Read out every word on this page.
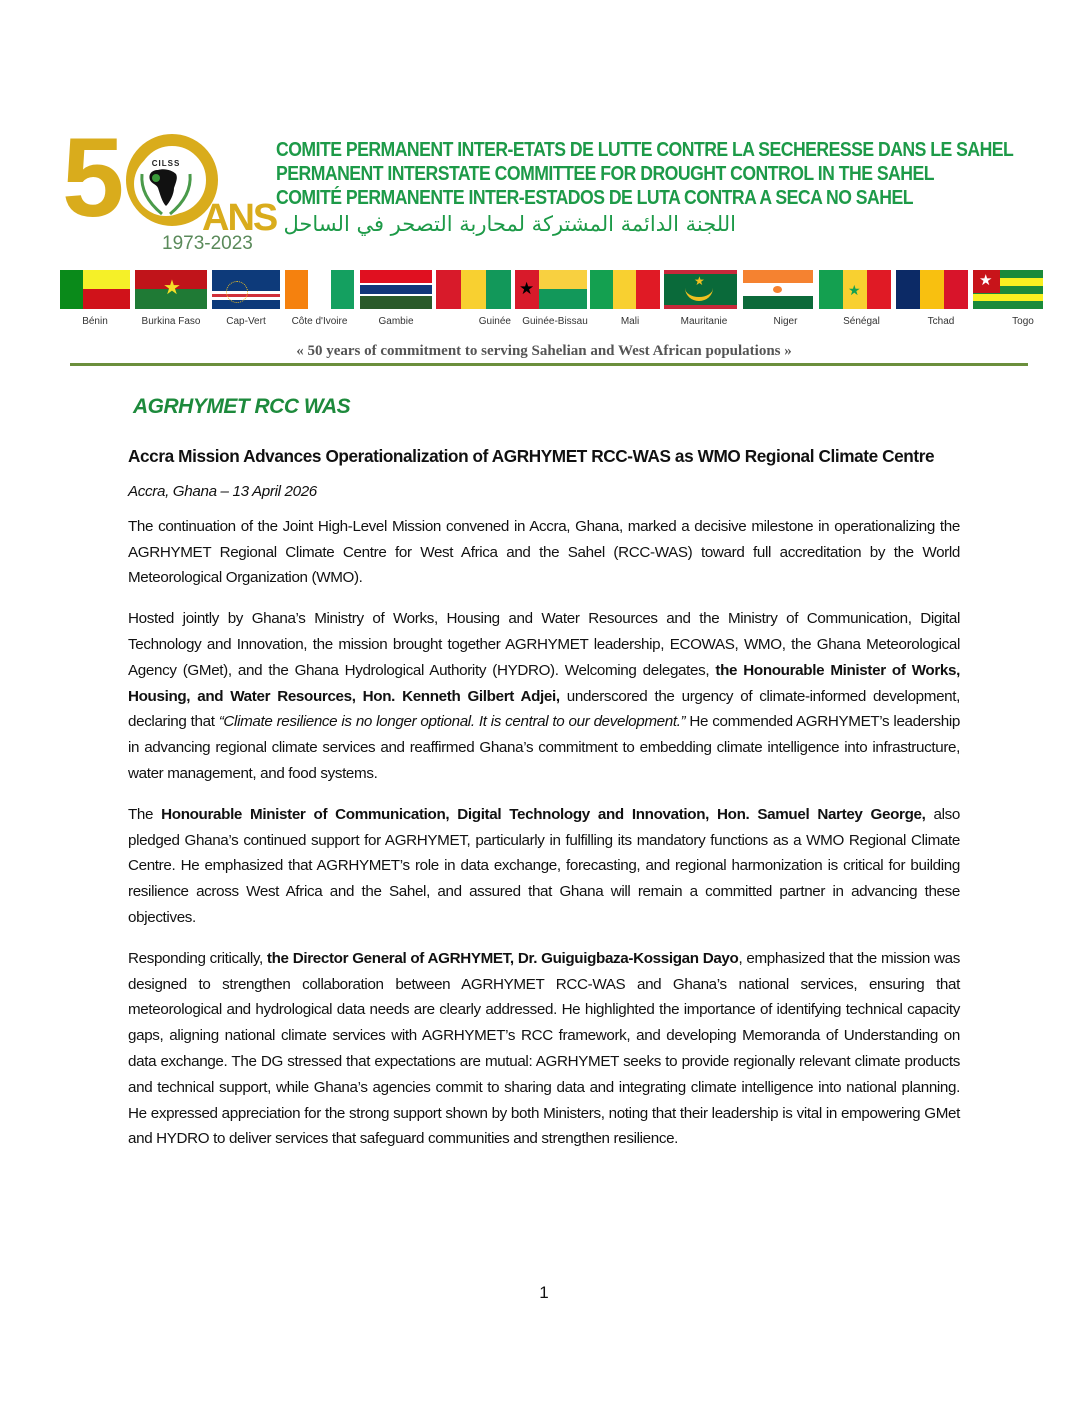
5	CILSS
ANS
1973-2023
COMITE PERMANENT INTER-ETATS DE LUTTE CONTRE LA SECHERESSE DANS LE SAHEL
PERMANENT INTERSTATE COMMITTEE FOR DROUGHT CONTROL IN THE SAHEL
COMITÉ PERMANENTE INTER-ESTADOS DE LUTA CONTRA A SECA NO SAHEL
اللجنة الدائمة المشتركة لمحاربة التصحر في الساحل
Bénin
★
Burkina Faso	Cap-Vert	Côte d'Ivoire	Gambie	Guinée
★
Guinée-Bissau	Mali
★
Mauritanie	Niger
★
Sénégal	Tchad
★
Togo
« 50 years of commitment to serving Sahelian and West African populations »
AGRHYMET RCC WAS
Accra Mission Advances Operationalization of AGRHYMET RCC-WAS as WMO Regional Climate Centre
Accra, Ghana – 13 April 2026

The continuation of the Joint High-Level Mission convened in Accra, Ghana, marked a decisive milestone in operationalizing the AGRHYMET Regional Climate Centre for West Africa and the Sahel (RCC-WAS) toward full accreditation by the World Meteorological Organization (WMO).

Hosted jointly by Ghana’s Ministry of Works, Housing and Water Resources and the Ministry of Communication, Digital Technology and Innovation, the mission brought together AGRHYMET leadership, ECOWAS, WMO, the Ghana Meteorological Agency (GMet), and the Ghana Hydrological Authority (HYDRO). Welcoming delegates, the Honourable Minister of Works, Housing, and Water Resources, Hon. Kenneth Gilbert Adjei, underscored the urgency of climate-informed development, declaring that “Climate resilience is no longer optional. It is central to our development.” He commended AGRHYMET’s leadership in advancing regional climate services and reaffirmed Ghana’s commitment to embedding climate intelligence into infrastructure, water management, and food systems.

The Honourable Minister of Communication, Digital Technology and Innovation, Hon. Samuel Nartey George, also pledged Ghana’s continued support for AGRHYMET, particularly in fulfilling its mandatory functions as a WMO Regional Climate Centre. He emphasized that AGRHYMET’s role in data exchange, forecasting, and regional harmonization is critical for building resilience across West Africa and the Sahel, and assured that Ghana will remain a committed partner in advancing these objectives.

Responding critically, the Director General of AGRHYMET, Dr. Guiguigbaza-Kossigan Dayo, emphasized that the mission was designed to strengthen collaboration between AGRHYMET RCC-WAS and Ghana’s national services, ensuring that meteorological and hydrological data needs are clearly addressed. He highlighted the importance of identifying technical capacity gaps, aligning national climate services with AGRHYMET’s RCC framework, and developing Memoranda of Understanding on data exchange. The DG stressed that expectations are mutual: AGRHYMET seeks to provide regionally relevant climate products and technical support, while Ghana’s agencies commit to sharing data and integrating climate intelligence into national planning. He expressed appreciation for the strong support shown by both Ministers, noting that their leadership is vital in empowering GMet and HYDRO to deliver services that safeguard communities and strengthen resilience.

1
